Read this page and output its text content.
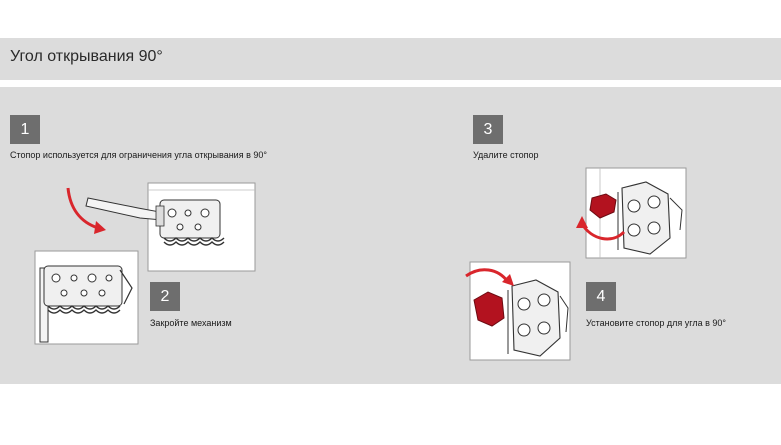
Угол открывания 90°
1
Стопор используется для ограничения угла открывания в 90°
2
Закройте механизм
3
Удалите стопор
4
Установите стопор для угла в 90°
